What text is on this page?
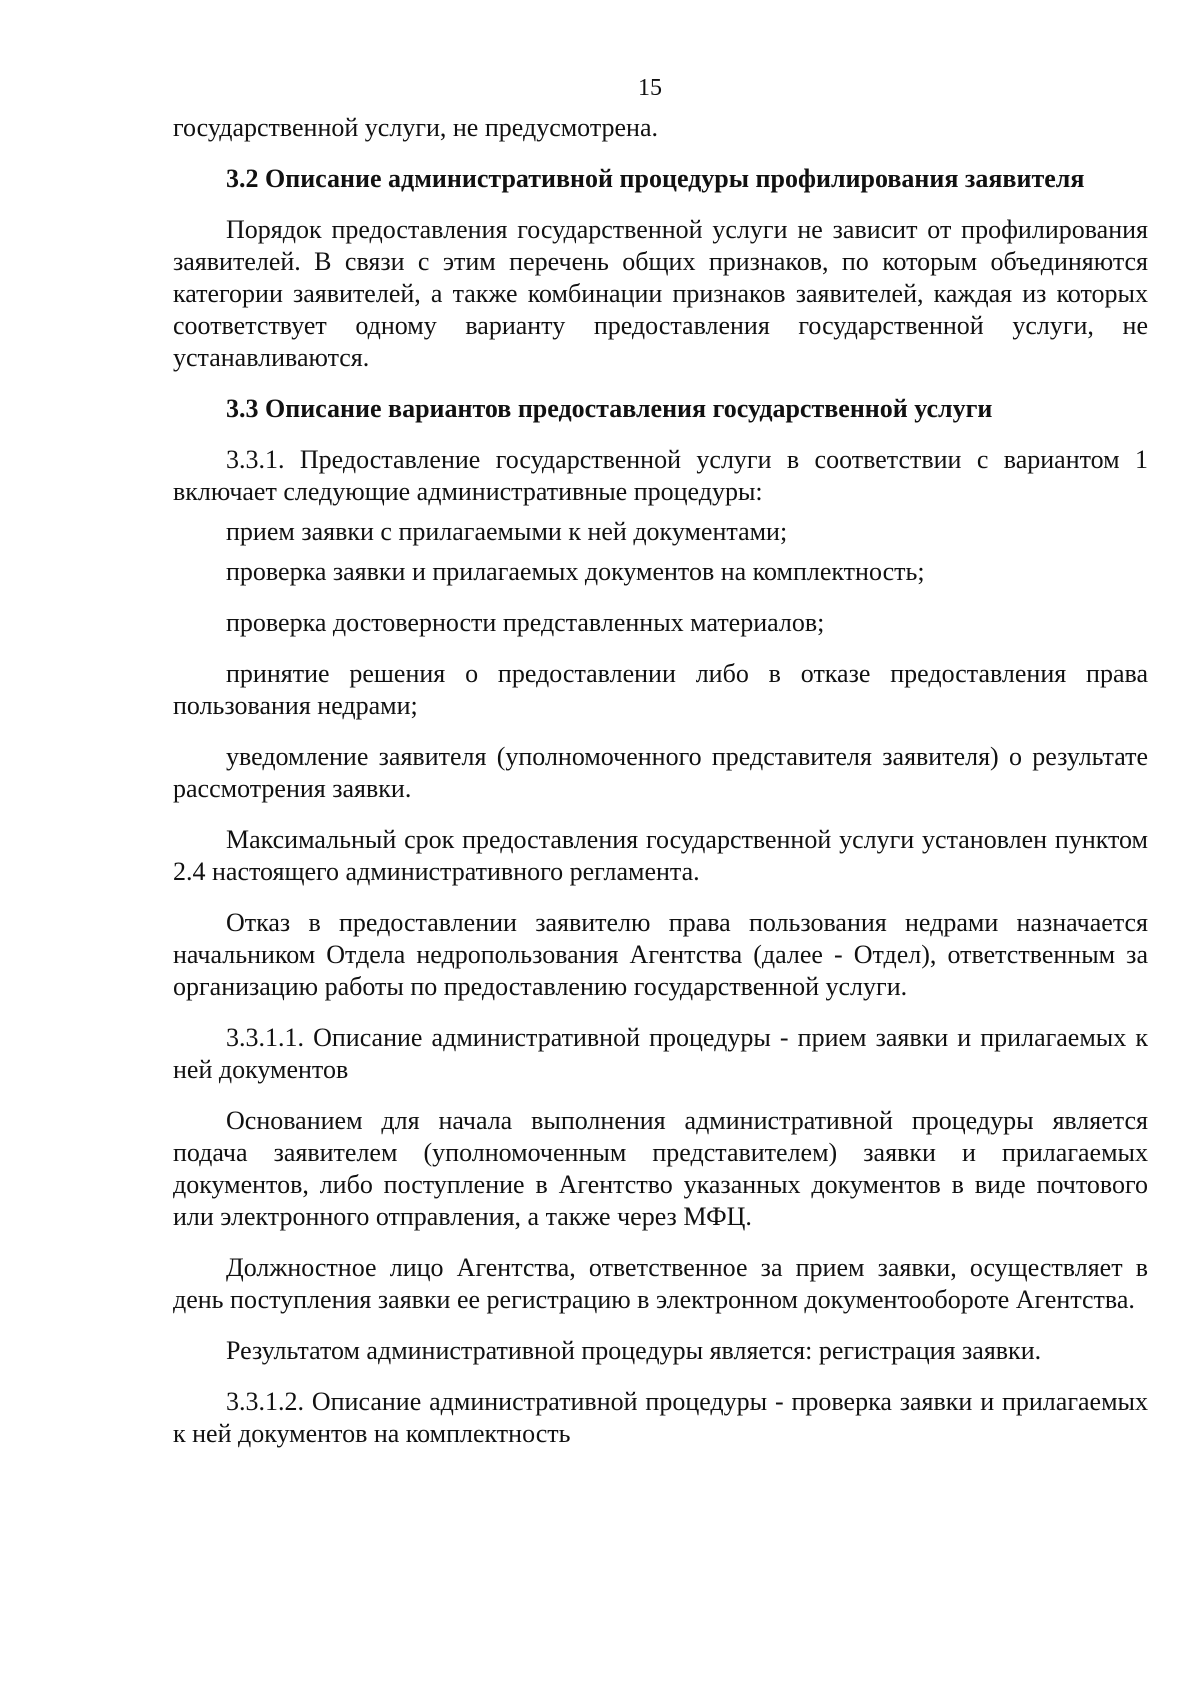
15

государственной услуги, не предусмотрена.

3.2 Описание административной процедуры профилирования заявителя

Порядок предоставления государственной услуги не зависит от профилирования заявителей. В связи с этим перечень общих признаков, по которым объединяются категории заявителей, а также комбинации признаков заявителей, каждая из которых соответствует одному варианту предоставления государственной услуги, не устанавливаются.

3.3 Описание вариантов предоставления государственной услуги

3.3.1. Предоставление государственной услуги в соответствии с вариантом 1 включает следующие административные процедуры:

прием заявки с прилагаемыми к ней документами;

проверка заявки и прилагаемых документов на комплектность;

проверка достоверности представленных материалов;

принятие решения о предоставлении либо в отказе предоставления права пользования недрами;

уведомление заявителя (уполномоченного представителя заявителя) о результате рассмотрения заявки.

Максимальный срок предоставления государственной услуги установлен пунктом 2.4 настоящего административного регламента.

Отказ в предоставлении заявителю права пользования недрами назначается начальником Отдела недропользования Агентства (далее - Отдел), ответственным за организацию работы по предоставлению государственной услуги.

3.3.1.1. Описание административной процедуры - прием заявки и прилагаемых к ней документов

Основанием для начала выполнения административной процедуры является подача заявителем (уполномоченным представителем) заявки и прилагаемых документов, либо поступление в Агентство указанных документов в виде почтового или электронного отправления, а также через МФЦ.

Должностное лицо Агентства, ответственное за прием заявки, осуществляет в день поступления заявки ее регистрацию в электронном документообороте Агентства.

Результатом административной процедуры является: регистрация заявки.

3.3.1.2. Описание административной процедуры - проверка заявки и прилагаемых к ней документов на комплектность
